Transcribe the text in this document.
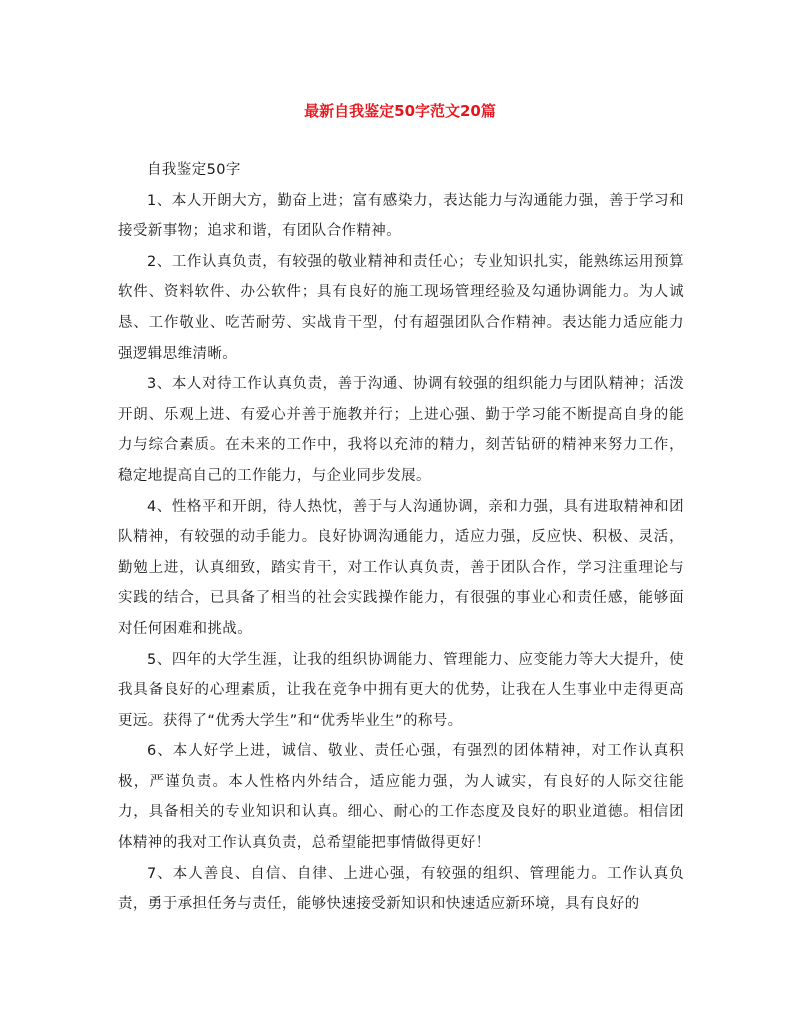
最新自我鉴定50字范文20篇

自我鉴定50字

1、本人开朗大方，勤奋上进；富有感染力，表达能力与沟通能力强，善于学习和接受新事物；追求和谐，有团队合作精神。

2、工作认真负责，有较强的敬业精神和责任心；专业知识扎实，能熟练运用预算软件、资料软件、办公软件；具有良好的施工现场管理经验及勾通协调能力。为人诚恳、工作敬业、吃苦耐劳、实战肯干型，付有超强团队合作精神。表达能力适应能力强逻辑思维清晰。

3、本人对待工作认真负责，善于沟通、协调有较强的组织能力与团队精神；活泼开朗、乐观上进、有爱心并善于施教并行；上进心强、勤于学习能不断提高自身的能力与综合素质。在未来的工作中，我将以充沛的精力，刻苦钻研的精神来努力工作，稳定地提高自己的工作能力，与企业同步发展。

4、性格平和开朗，待人热忱，善于与人沟通协调，亲和力强，具有进取精神和团队精神，有较强的动手能力。良好协调沟通能力，适应力强，反应快、积极、灵活，勤勉上进，认真细致，踏实肯干，对工作认真负责，善于团队合作，学习注重理论与实践的结合，已具备了相当的社会实践操作能力，有很强的事业心和责任感，能够面对任何困难和挑战。

5、四年的大学生涯，让我的组织协调能力、管理能力、应变能力等大大提升，使我具备良好的心理素质，让我在竞争中拥有更大的优势，让我在人生事业中走得更高更远。获得了“优秀大学生”和“优秀毕业生”的称号。

6、本人好学上进，诚信、敬业、责任心强，有强烈的团体精神，对工作认真积极，严谨负责。本人性格内外结合，适应能力强，为人诚实，有良好的人际交往能力，具备相关的专业知识和认真。细心、耐心的工作态度及良好的职业道德。相信团体精神的我对工作认真负责，总希望能把事情做得更好！

7、本人善良、自信、自律、上进心强，有较强的组织、管理能力。工作认真负责，勇于承担任务与责任，能够快速接受新知识和快速适应新环境，具有良好的
